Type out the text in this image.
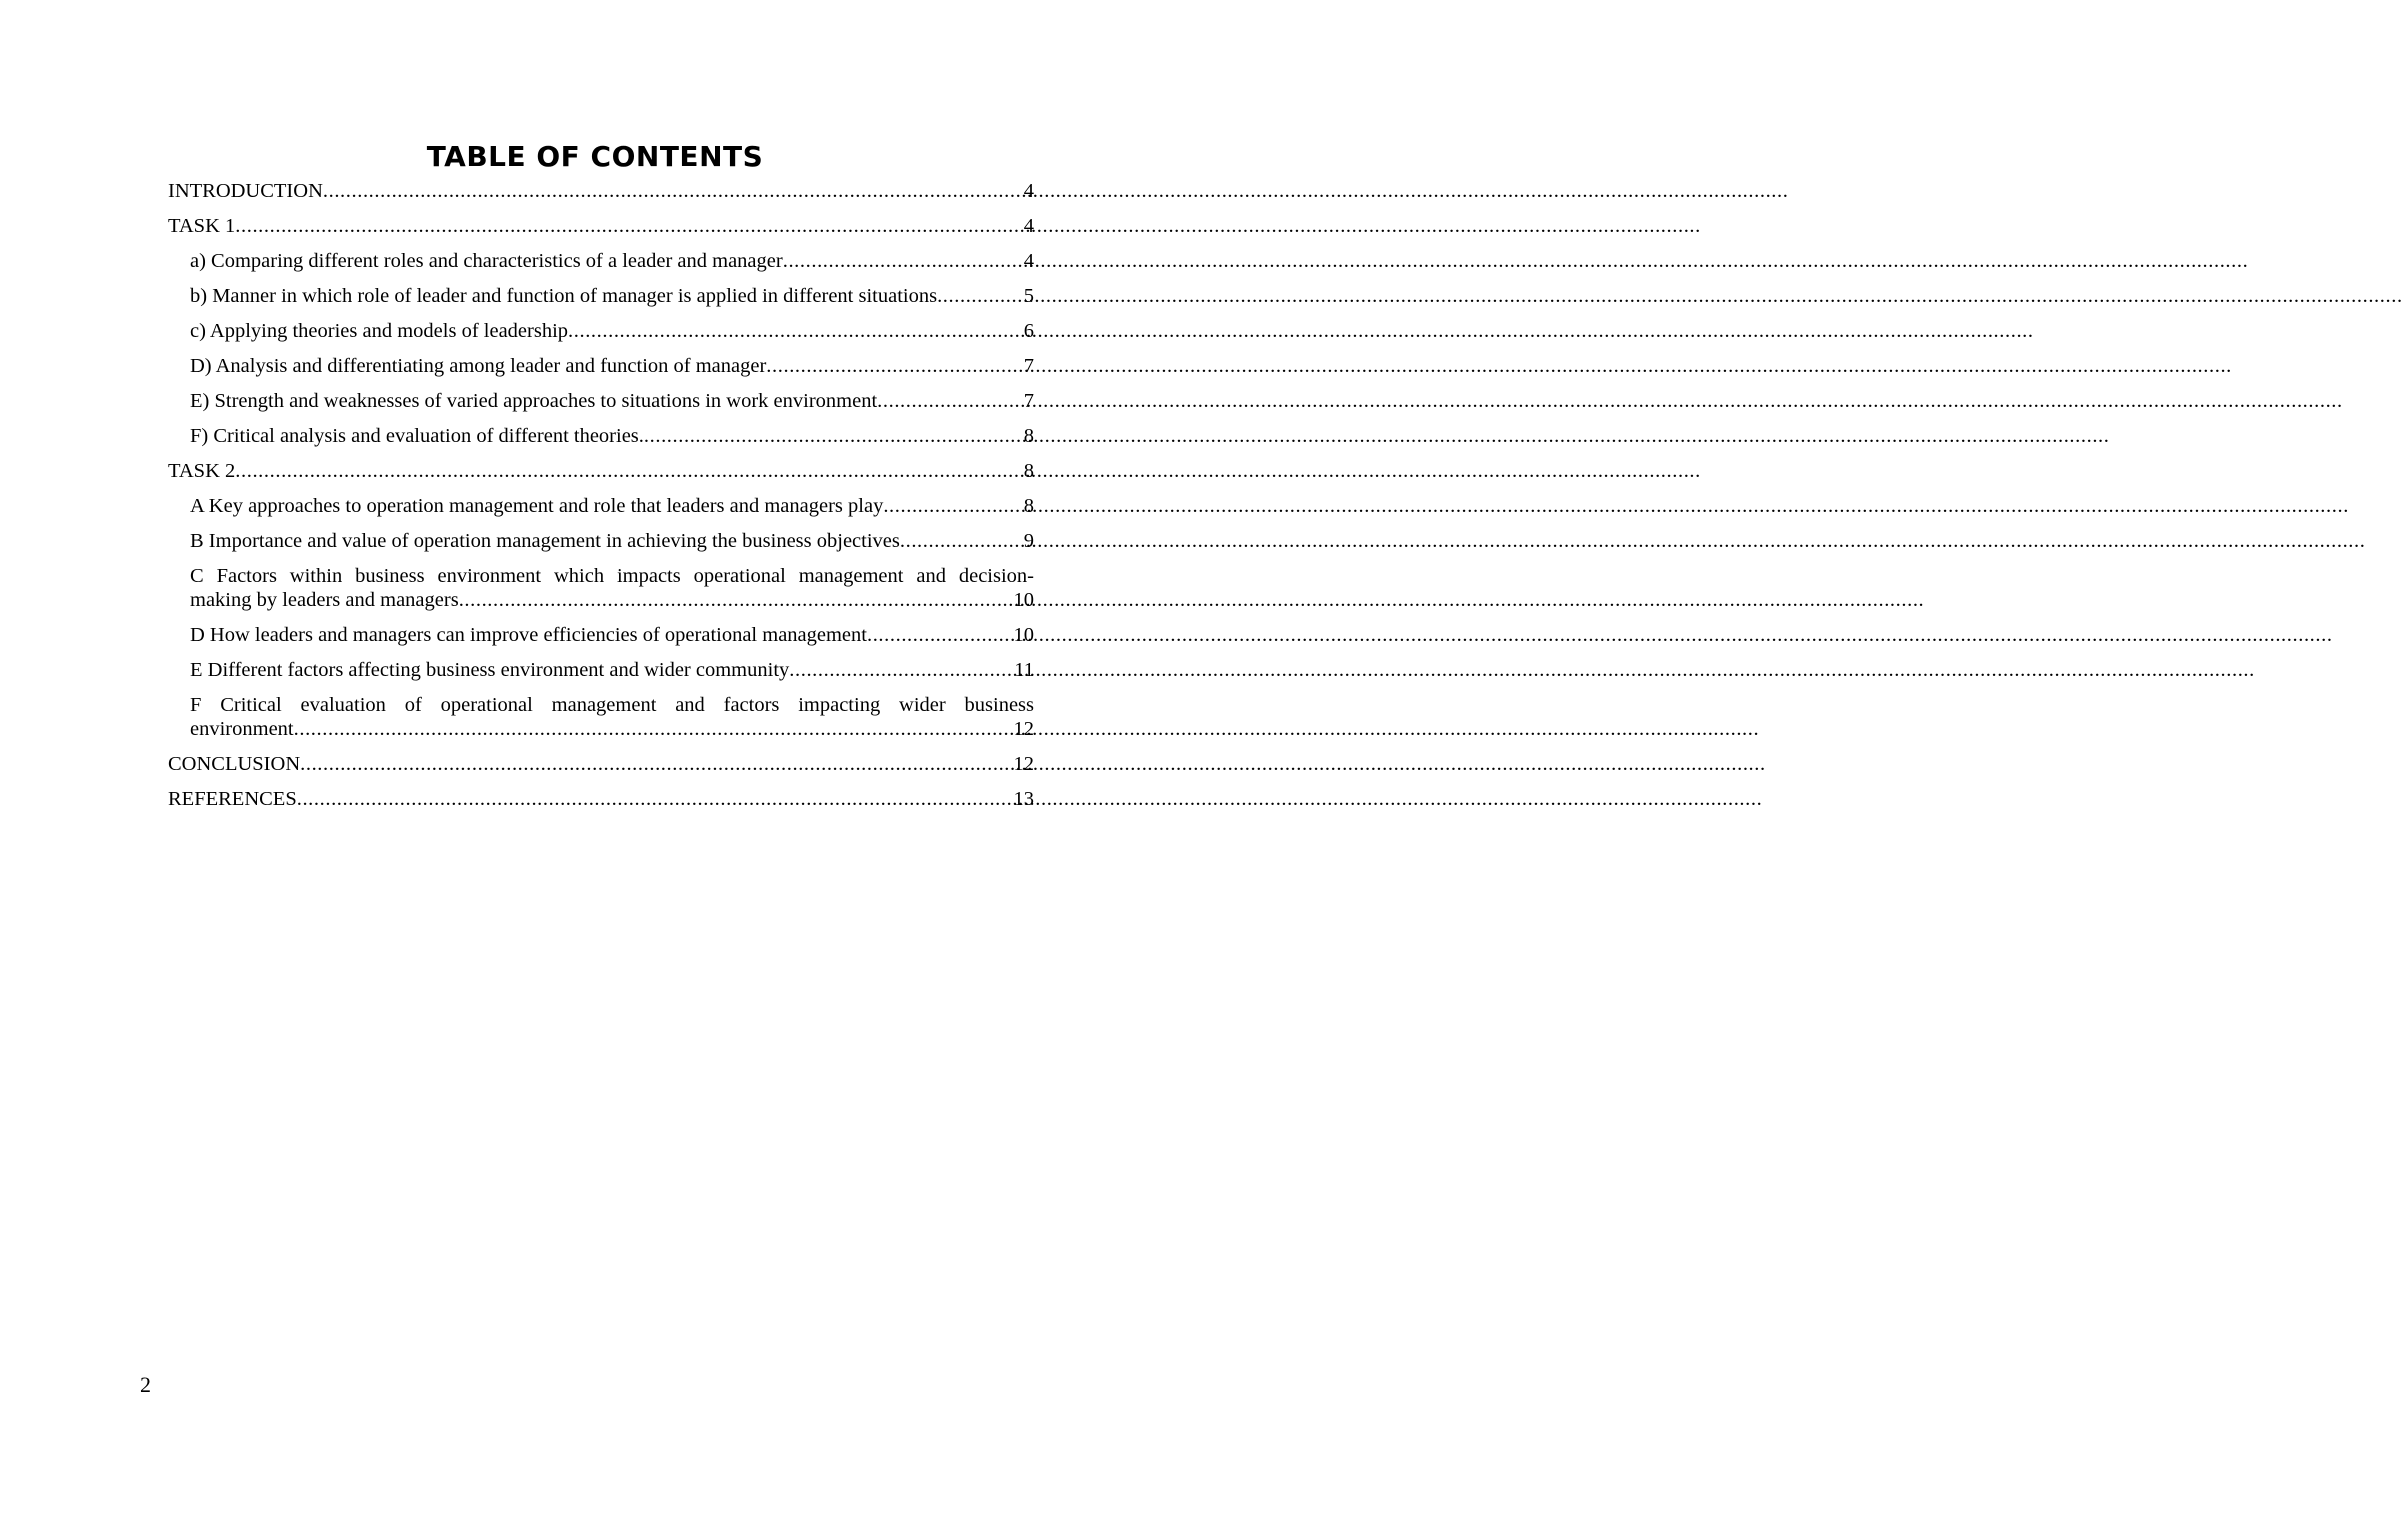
TABLE OF CONTENTS
INTRODUCTION .....	4
TASK 1 .....	4
a) Comparing different roles and characteristics of a leader and manager .....	4
b) Manner in which role of leader and function of manager is applied in different situations .....	5
c) Applying theories and models of leadership .....	6
D) Analysis and differentiating among leader and function of manager .....	7
E) Strength and weaknesses of varied approaches to situations in work environment .....	7
F) Critical analysis and evaluation of different theories. .....	8
TASK 2 .....	8
A Key approaches to operation management and role that leaders and managers play .....	8
B Importance and value of operation management in achieving the business objectives .....	9
C Factors within business environment which impacts operational management and decision-
making by leaders and managers .....	10
D How leaders and managers can improve efficiencies of operational management .....	10
E Different factors affecting business environment and wider community .....	11
F Critical evaluation of operational management and factors impacting wider business
environment .....	12
CONCLUSION .....	12
REFERENCES .....	13

2
